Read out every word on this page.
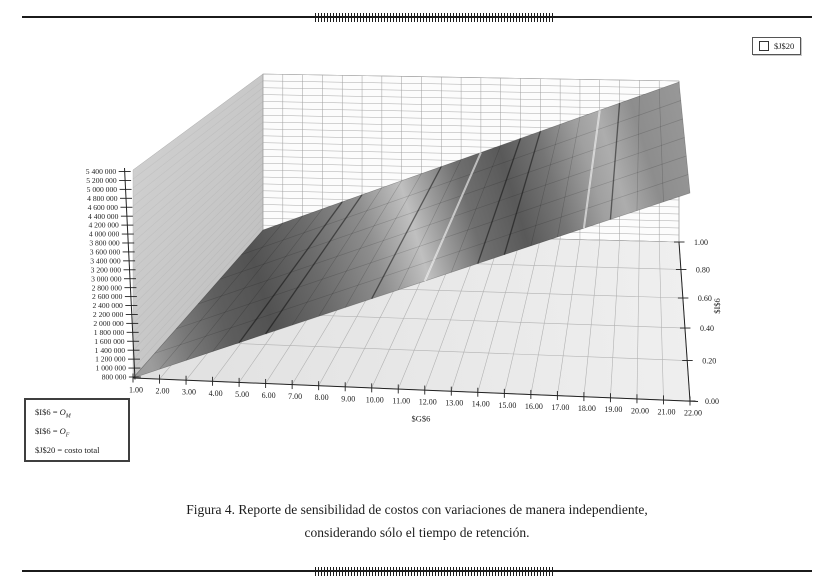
5 400 000
5 200 000
5 000 000
4 800 000
4 600 000
4 400 000
4 200 000
4 000 000
3 800 000
3 600 000
3 400 000
3 200 000
3 000 000
2 800 000
2 600 000
2 400 000
2 200 000
2 000 000
1 800 000
1 600 000
1 400 000
1 200 000
1 000 000
800 000
1.00 2.00 3.00 4.00 5.00 6.00 7.00 8.00 9.00 10.00 11.00 12.00 13.00 14.00 15.00 16.00 17.00 18.00 19.00 20.00 21.00 22.00
$G$6
0.00
0.20
0.40
0.60
0.80
1.00
$I$6
$J$20
$I$6 = $O_M$
$I$6 = $O_F$
$J$20 = costo total
Figura 4. Reporte de sensibilidad de costos con variaciones de manera independiente,
considerando sólo el tiempo de retención.
